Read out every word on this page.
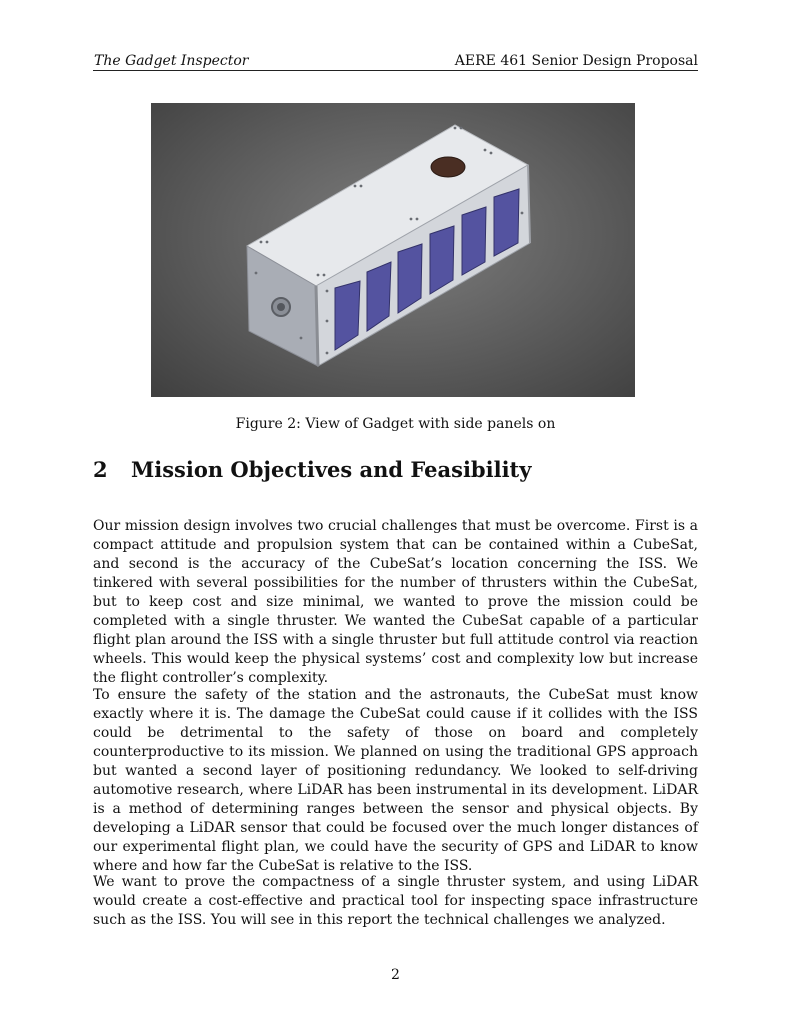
The Gadget Inspector	AERE 461 Senior Design Proposal
Figure 2: View of Gadget with side panels on
2 Mission Objectives and Feasibility

Our mission design involves two crucial challenges that must be overcome. First is a compact attitude and propulsion system that can be contained within a CubeSat, and second is the accuracy of the CubeSat’s location concerning the ISS. We tinkered with several possibilities for the number of thrusters within the CubeSat, but to keep cost and size minimal, we wanted to prove the mission could be completed with a single thruster. We wanted the CubeSat capable of a particular flight plan around the ISS with a single thruster but full attitude control via reaction wheels. This would keep the physical systems’ cost and complexity low but increase the flight controller’s complexity.

To ensure the safety of the station and the astronauts, the CubeSat must know exactly where it is. The damage the CubeSat could cause if it collides with the ISS could be detrimental to the safety of those on board and completely counterproductive to its mission. We planned on using the traditional GPS approach but wanted a second layer of positioning redundancy. We looked to self-driving automotive research, where LiDAR has been instrumental in its development. LiDAR is a method of determining ranges between the sensor and physical objects. By developing a LiDAR sensor that could be focused over the much longer distances of our experimental flight plan, we could have the security of GPS and LiDAR to know where and how far the CubeSat is relative to the ISS.

We want to prove the compactness of a single thruster system, and using LiDAR would create a cost-effective and practical tool for inspecting space infrastructure such as the ISS. You will see in this report the technical challenges we analyzed.

2
